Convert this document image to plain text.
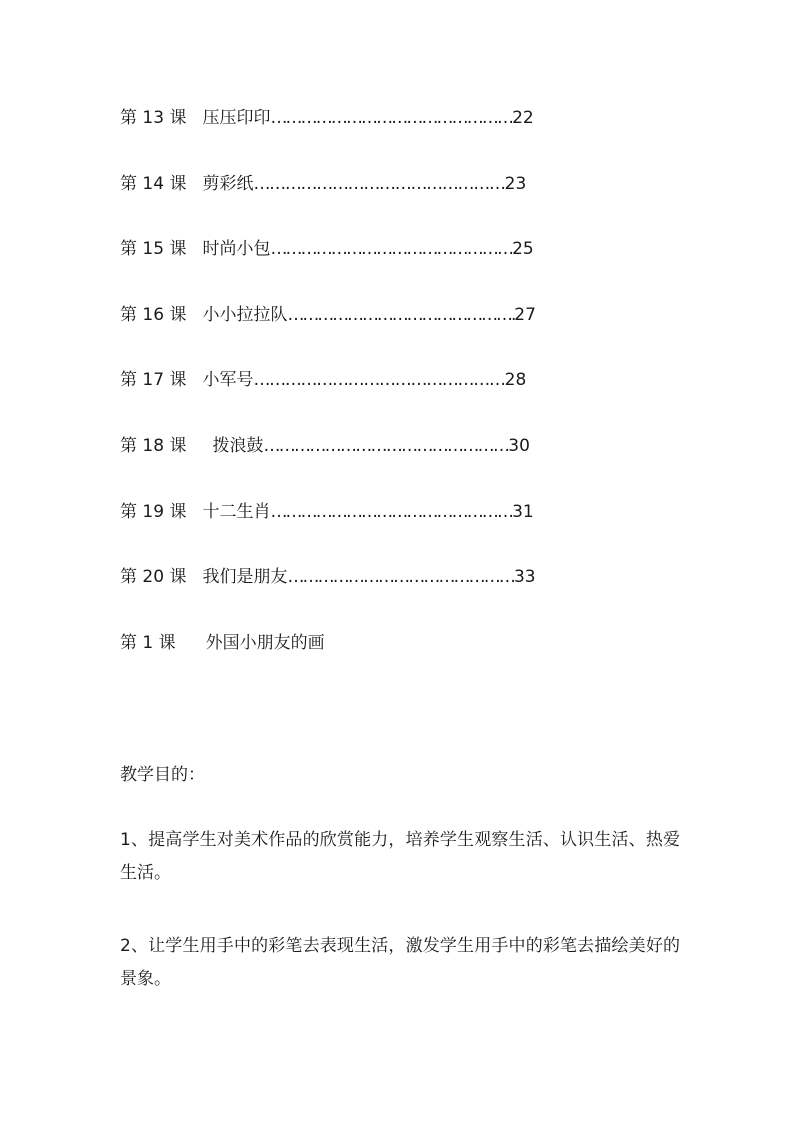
第 13 课 压压印印…………………………………………22
第 14 课 剪彩纸…………………………………………23
第 15 课 时尚小包…………………………………………25
第 16 课 小小拉拉队……………………………………….27
第 17 课 小军号…………………………………………28
第 18 课 拨浪鼓…………………………………………30
第 19 课 十二生肖…………………………………………31
第 20 课 我们是朋友………………………………………33
第 1 课 外国小朋友的画
教学目的：
1、提高学生对美术作品的欣赏能力，培养学生观察生活、认识生活、热爱生活。
2、让学生用手中的彩笔去表现生活，激发学生用手中的彩笔去描绘美好的景象。
